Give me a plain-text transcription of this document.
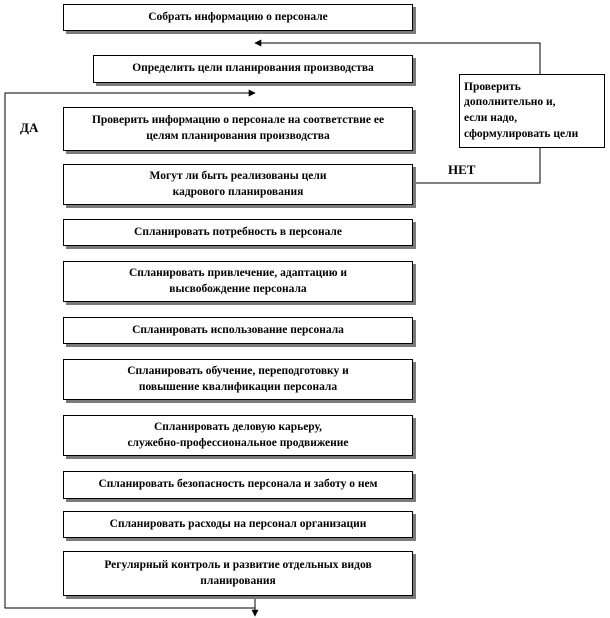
Собрать информацию о персонале
Определить цели планирования производства
Проверить информацию о персонале на соответствие ее
целям планирования производства
Могут ли быть реализованы цели
кадрового планирования
Спланировать потребность в персонале
Спланировать привлечение, адаптацию и
высвобождение персонала
Спланировать использование персонала
Спланировать обучение, переподготовку и
повышение квалификации персонала
Спланировать деловую карьеру,
служебно-профессиональное продвижение
Спланировать безопасность персонала и заботу о нем
Спланировать расходы на персонал организации
Регулярный контроль и развитие отдельных видов
планирования
Проверить
дополнительно и,
если надо,
сформулировать цели
ДА
НЕТ
